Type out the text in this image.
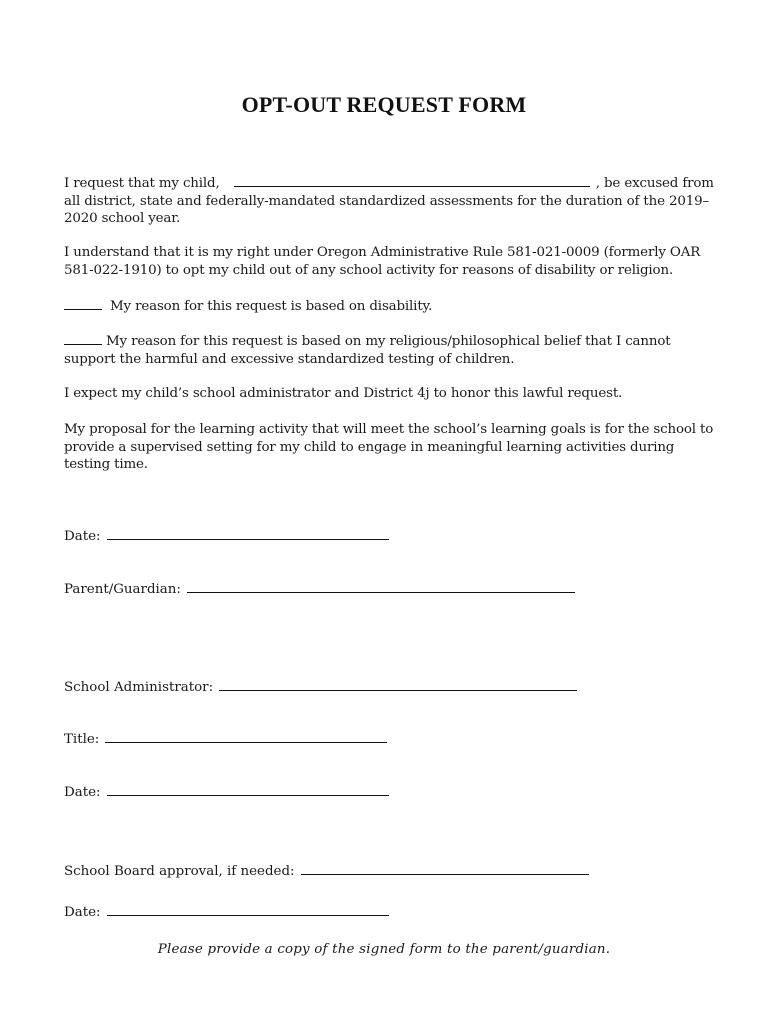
OPT-OUT REQUEST FORM
I request that my child,	, be excused from all district, state and federally-mandated standardized assessments for the duration of the 2019– 2020 school year.
I understand that it is my right under Oregon Administrative Rule 581-021-0009 (formerly OAR 581-022-1910) to opt my child out of any school activity for reasons of disability or religion.
My reason for this request is based on disability.
My reason for this request is based on my religious/philosophical belief that I cannot support the harmful and excessive standardized testing of children.
I expect my child’s school administrator and District 4j to honor this lawful request.
My proposal for the learning activity that will meet the school’s learning goals is for the school to provide a supervised setting for my child to engage in meaningful learning activities during testing time.
Date:
Parent/Guardian:
School Administrator:
Title:
Date:
School Board approval, if needed:
Date:
Please provide a copy of the signed form to the parent/guardian.
